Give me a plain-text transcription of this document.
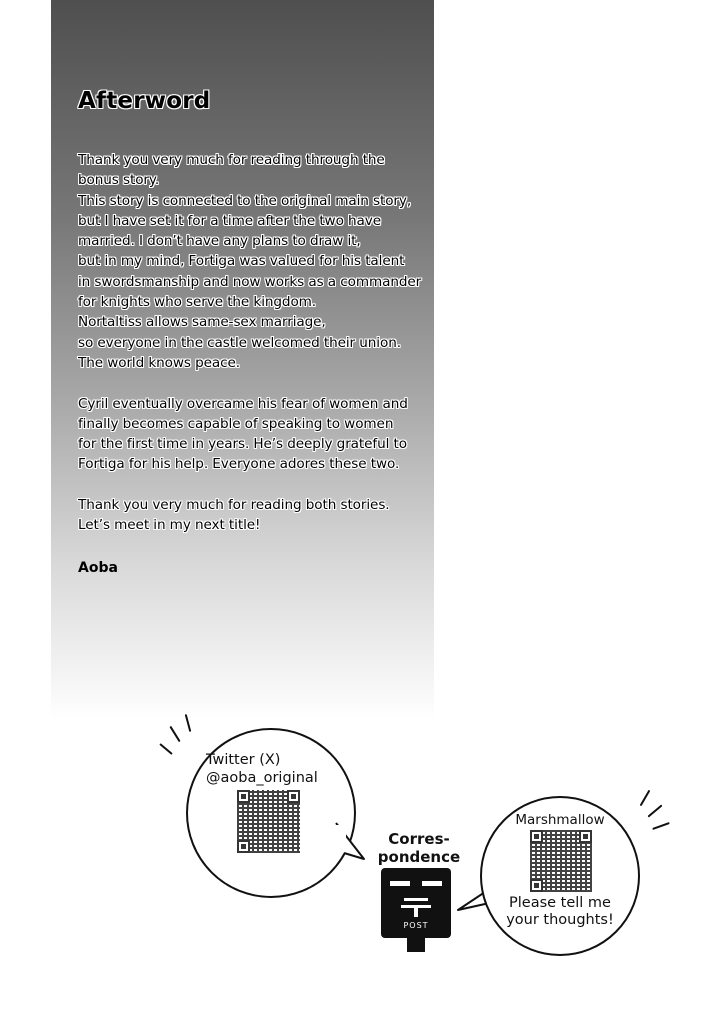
Afterword

Thank you very much for reading through the
bonus story.
This story is connected to the original main story,
but I have set it for a time after the two have
married. I don’t have any plans to draw it,
but in my mind, Fortiga was valued for his talent
in swordsmanship and now works as a commander
for knights who serve the kingdom.
Nortaltiss allows same-sex marriage,
so everyone in the castle welcomed their union.
The world knows peace.

Cyril eventually overcame his fear of women and
finally becomes capable of speaking to women
for the first time in years. He’s deeply grateful to
Fortiga for his help. Everyone adores these two.

Thank you very much for reading both stories.
Let’s meet in my next title!

Aoba
Twitter (X)
@aoba_original
Corres-
pondence
POST
Marshmallow
Please tell me
your thoughts!
